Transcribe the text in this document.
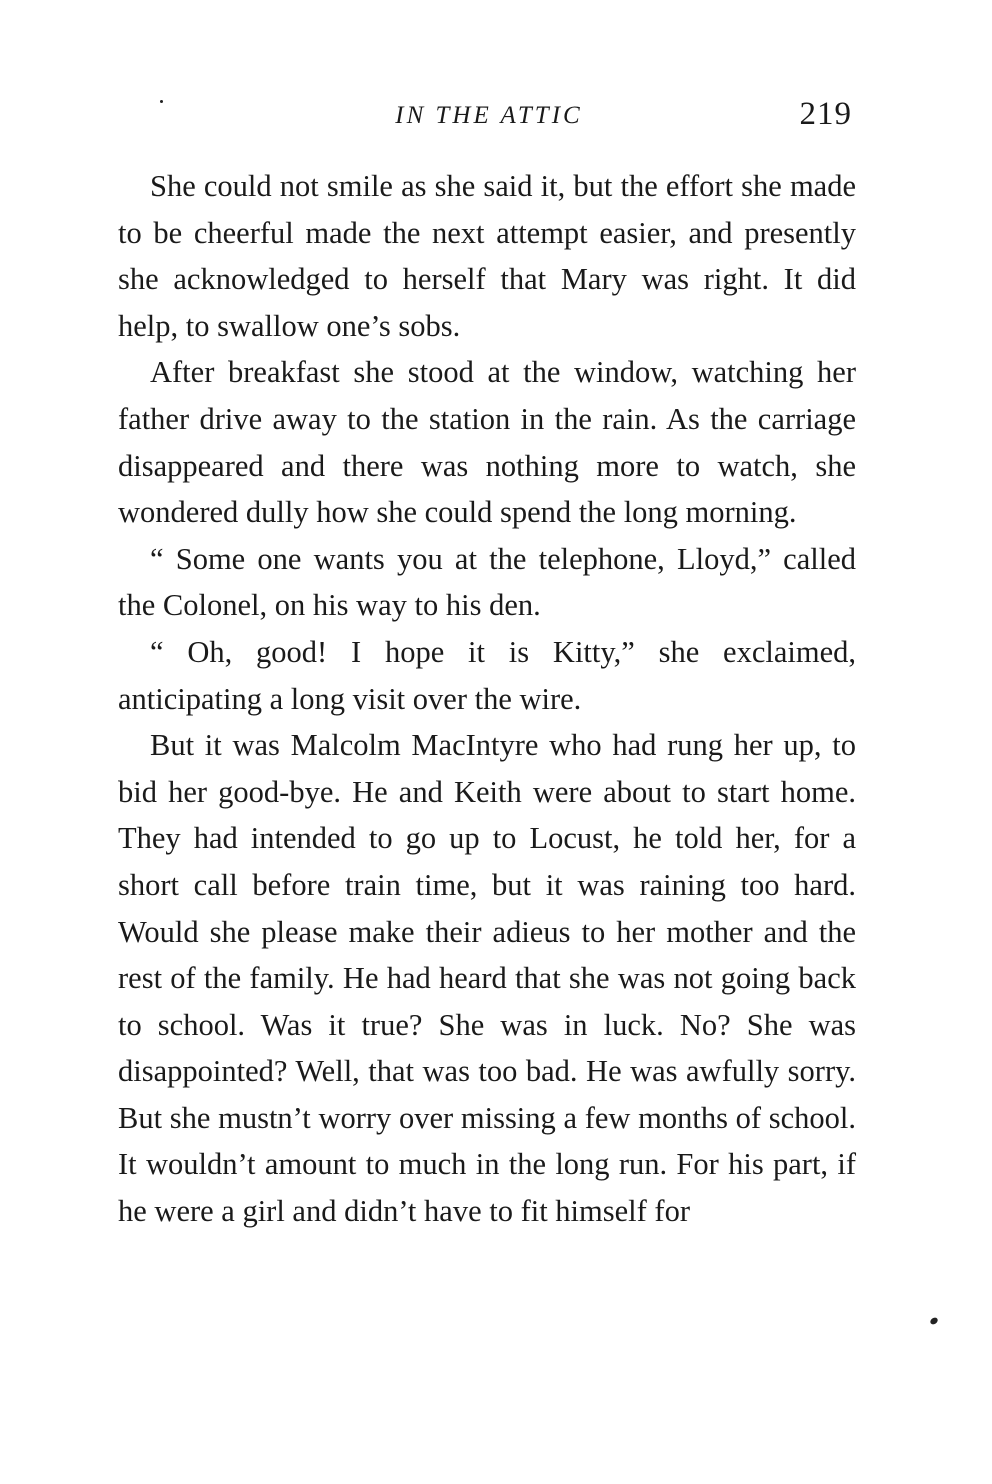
IN THE ATTIC	219

She could not smile as she said it, but the effort she made to be cheerful made the next attempt easier, and presently she acknowledged to herself that Mary was right. It did help, to swallow one’s sobs.

After breakfast she stood at the window, watching her father drive away to the station in the rain. As the carriage disappeared and there was nothing more to watch, she wondered dully how she could spend the long morning.

“ Some one wants you at the telephone, Lloyd,” called the Colonel, on his way to his den.

“ Oh, good! I hope it is Kitty,” she exclaimed, anticipating a long visit over the wire.

But it was Malcolm MacIntyre who had rung her up, to bid her good-bye. He and Keith were about to start home. They had intended to go up to Locust, he told her, for a short call before train time, but it was raining too hard. Would she please make their adieus to her mother and the rest of the family. He had heard that she was not going back to school. Was it true? She was in luck. No? She was disappointed? Well, that was too bad. He was awfully sorry. But she mustn’t worry over missing a few months of school. It wouldn’t amount to much in the long run. For his part, if he were a girl and didn’t have to fit himself for
